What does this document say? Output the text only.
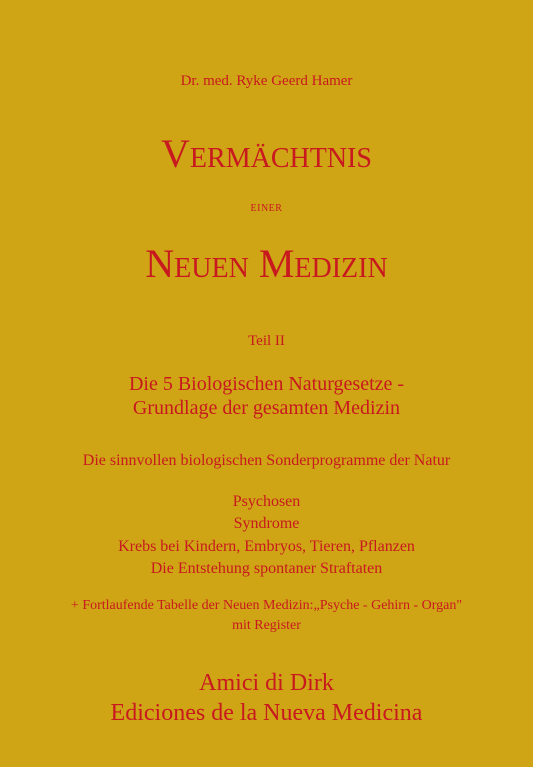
Dr. med. Ryke Geerd Hamer
Vermächtnis
einer
Neuen Medizin
Teil II
Die 5 Biologischen Naturgesetze -
Grundlage der gesamten Medizin
Die sinnvollen biologischen Sonderprogramme der Natur
Psychosen
Syndrome
Krebs bei Kindern, Embryos, Tieren, Pflanzen
Die Entstehung spontaner Straftaten
+ Fortlaufende Tabelle der Neuen Medizin:„Psyche - Gehirn - Organ"
mit Register
Amici di Dirk
Ediciones de la Nueva Medicina
